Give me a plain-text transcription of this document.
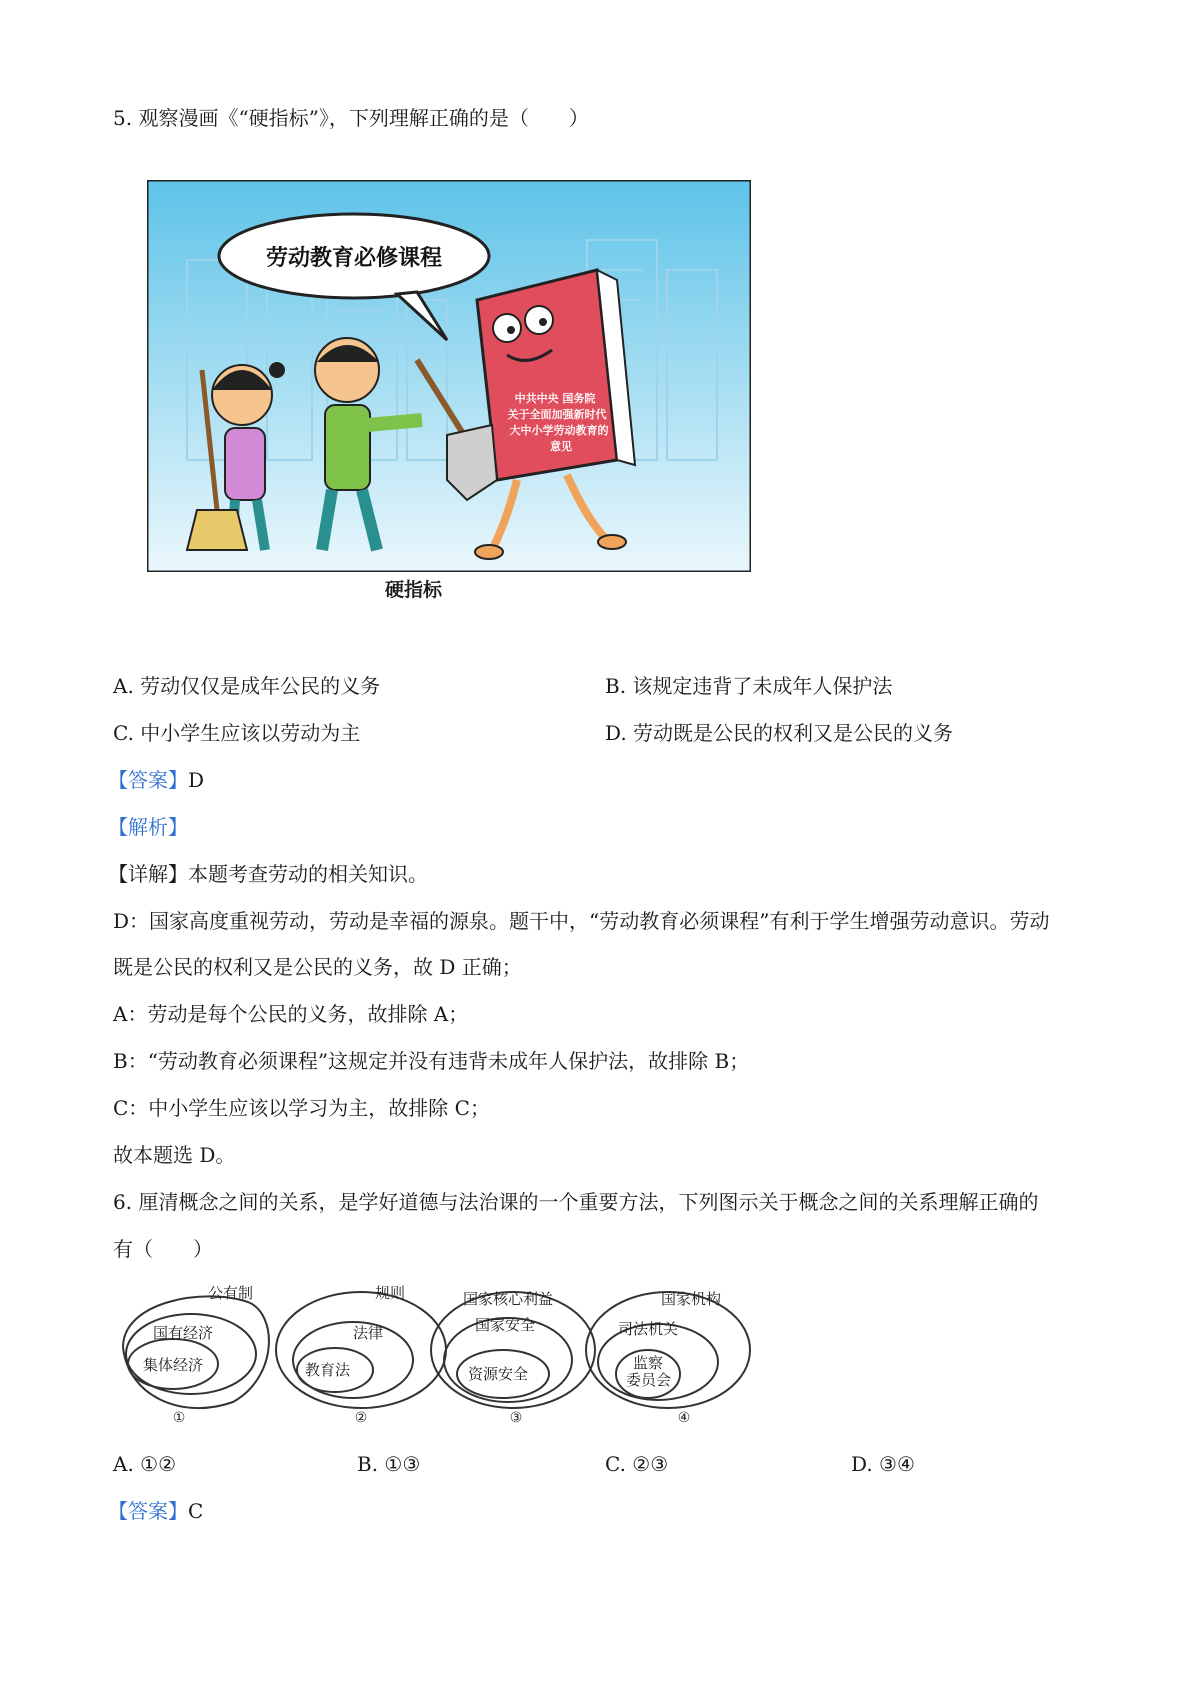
5. 观察漫画《“硬指标”》，下列理解正确的是（　　）
劳动教育必修课程
中共中央 国务院
关于全面加强新时代
大中小学劳动教育的
意见
硬指标
A. 劳动仅仅是成年公民的义务	B. 该规定违背了未成年人保护法
C. 中小学生应该以劳动为主	D. 劳动既是公民的权利又是公民的义务
【答案】D
【解析】
【详解】本题考查劳动的相关知识。
D：国家高度重视劳动，劳动是幸福的源泉。题干中，“劳动教育必须课程”有利于学生增强劳动意识。劳动
既是公民的权利又是公民的义务，故 D 正确；
A：劳动是每个公民的义务，故排除 A；
B：“劳动教育必须课程”这规定并没有违背未成年人保护法，故排除 B；
C：中小学生应该以学习为主，故排除 C；
故本题选 D。
6. 厘清概念之间的关系，是学好道德与法治课的一个重要方法，下列图示关于概念之间的关系理解正确的
有（　　）
公有制
国有经济
集体经济
①
规则
法律
教育法
②
国家核心利益
国家安全
资源安全
③
国家机构
司法机关
监察
委员会
④
A. ①②	B. ①③	C. ②③	D. ③④
【答案】C
